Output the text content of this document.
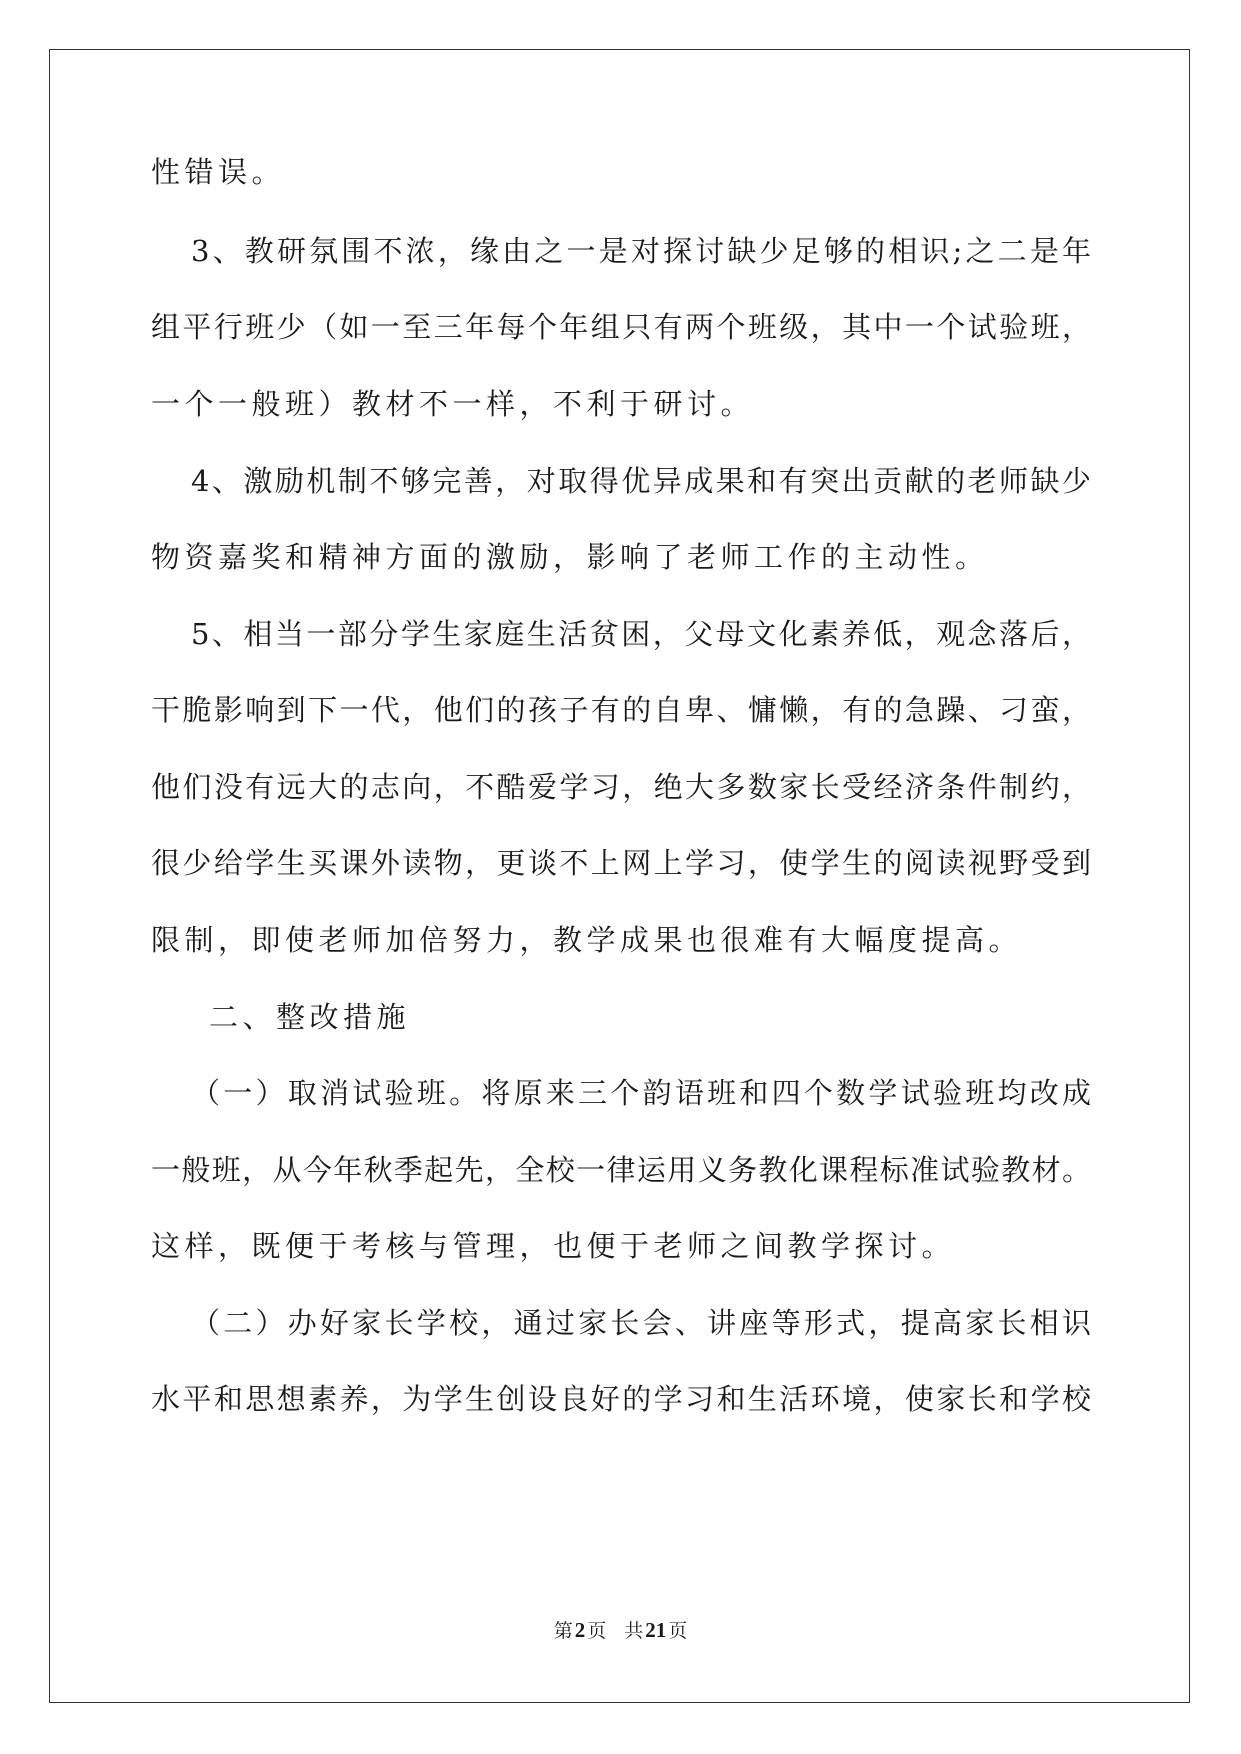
性错误。
3、教研氛围不浓，缘由之一是对探讨缺少足够的相识;之二是年
组平行班少（如一至三年每个年组只有两个班级，其中一个试验班，
一个一般班）教材不一样，不利于研讨。
4、激励机制不够完善，对取得优异成果和有突出贡献的老师缺少
物资嘉奖和精神方面的激励，影响了老师工作的主动性。
5、相当一部分学生家庭生活贫困，父母文化素养低，观念落后，
干脆影响到下一代，他们的孩子有的自卑、慵懒，有的急躁、刁蛮，
他们没有远大的志向，不酷爱学习，绝大多数家长受经济条件制约，
很少给学生买课外读物，更谈不上网上学习，使学生的阅读视野受到
限制，即使老师加倍努力，教学成果也很难有大幅度提高。
二、整改措施
（一）取消试验班。将原来三个韵语班和四个数学试验班均改成
一般班，从今年秋季起先，全校一律运用义务教化课程标准试验教材。
这样，既便于考核与管理，也便于老师之间教学探讨。
（二）办好家长学校，通过家长会、讲座等形式，提高家长相识
水平和思想素养，为学生创设良好的学习和生活环境，使家长和学校
第2 页 共21 页
